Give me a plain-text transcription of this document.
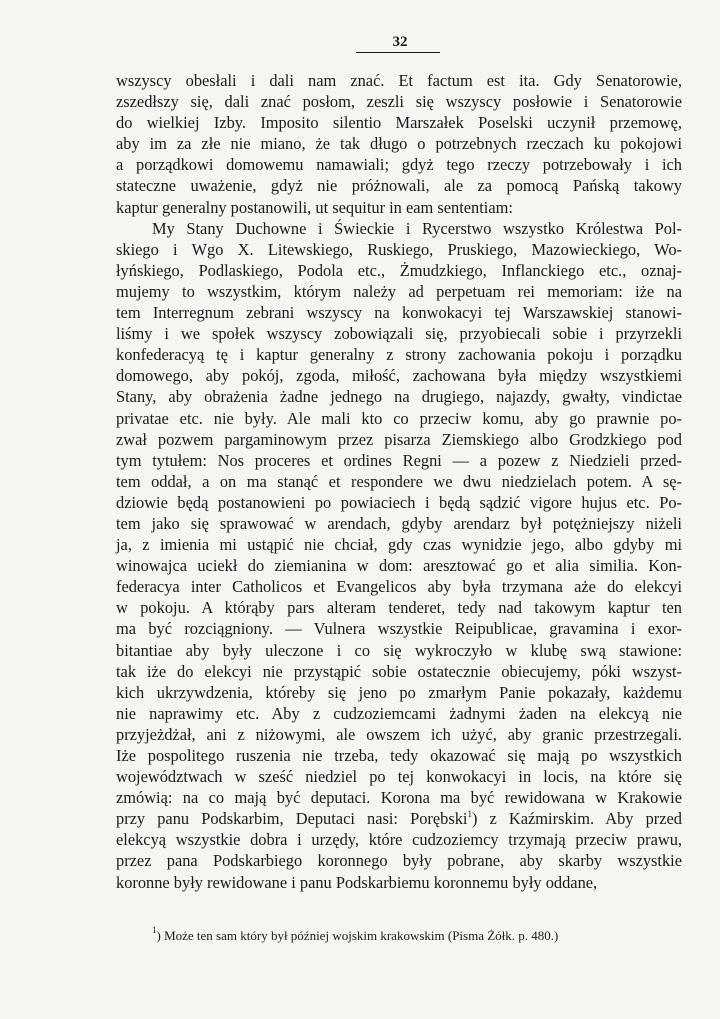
32
wszyscy obesłali i dali nam znać. Et factum est ita. Gdy Senatorowie,
zszedłszy się, dali znać posłom, zeszli się wszyscy posłowie i Senatorowie
do wielkiej Izby. Imposito silentio Marszałek Poselski uczynił przemowę,
aby im za złe nie miano, że tak długo o potrzebnych rzeczach ku pokojowi
a porządkowi domowemu namawiali; gdyż tego rzeczy potrzebowały i ich
stateczne uważenie, gdyż nie próżnowali, ale za pomocą Pańską takowy
kaptur generalny postanowili, ut sequitur in eam sententiam:
My Stany Duchowne i Świeckie i Rycerstwo wszystko Królestwa Pol-
skiego i Wgo X. Litewskiego, Ruskiego, Pruskiego, Mazowieckiego, Wo-
łyńskiego, Podlaskiego, Podola etc., Żmudzkiego, Inflanckiego etc., oznaj-
mujemy to wszystkim, którym należy ad perpetuam rei memoriam: iże na
tem Interregnum zebrani wszyscy na konwokacyi tej Warszawskiej stanowi-
liśmy i we społek wszyscy zobowiązali się, przyobiecali sobie i przyrzekli
konfederacyą tę i kaptur generalny z strony zachowania pokoju i porządku
domowego, aby pokój, zgoda, miłość, zachowana była między wszystkiemi
Stany, aby obrażenia żadne jednego na drugiego, najazdy, gwałty, vindictae
privatae etc. nie były. Ale mali kto co przeciw komu, aby go prawnie po-
zwał pozwem pargaminowym przez pisarza Ziemskiego albo Grodzkiego pod
tym tytułem: Nos proceres et ordines Regni — a pozew z Niedzieli przed-
tem oddał, a on ma stanąć et respondere we dwu niedzielach potem. A sę-
dziowie będą postanowieni po powiaciech i będą sądzić vigore hujus etc. Po-
tem jako się sprawować w arendach, gdyby arendarz był potężniejszy niżeli
ja, z imienia mi ustąpić nie chciał, gdy czas wynidzie jego, albo gdyby mi
winowajca uciekł do ziemianina w dom: aresztować go et alia similia. Kon-
federacya inter Catholicos et Evangelicos aby była trzymana aże do elekcyi
w pokoju. A którąby pars alteram tenderet, tedy nad takowym kaptur ten
ma być rozciągniony. — Vulnera wszystkie Reipublicae, gravamina i exor-
bitantiae aby były uleczone i co się wykroczyło w klubę swą stawione:
tak iże do elekcyi nie przystąpić sobie ostatecznie obiecujemy, póki wszyst-
kich ukrzywdzenia, któreby się jeno po zmarłym Panie pokazały, każdemu
nie naprawimy etc. Aby z cudzoziemcami żadnymi żaden na elekcyą nie
przyjeżdżał, ani z niżowymi, ale owszem ich użyć, aby granic przestrzegali.
Iże pospolitego ruszenia nie trzeba, tedy okazować się mają po wszystkich
województwach w sześć niedziel po tej konwokacyi in locis, na które się
zmówią: na co mają być deputaci. Korona ma być rewidowana w Krakowie
przy panu Podskarbim, Deputaci nasi: Porębski$^1$) z Kaźmirskim. Aby przed
elekcyą wszystkie dobra i urzędy, które cudzoziemcy trzymają przeciw prawu,
przez pana Podskarbiego koronnego były pobrane, aby skarby wszystkie
koronne były rewidowane i panu Podskarbiemu koronnemu były oddane,
$^1$) Może ten sam który był później wojskim krakowskim (Pisma Żółk. p. 480.)
